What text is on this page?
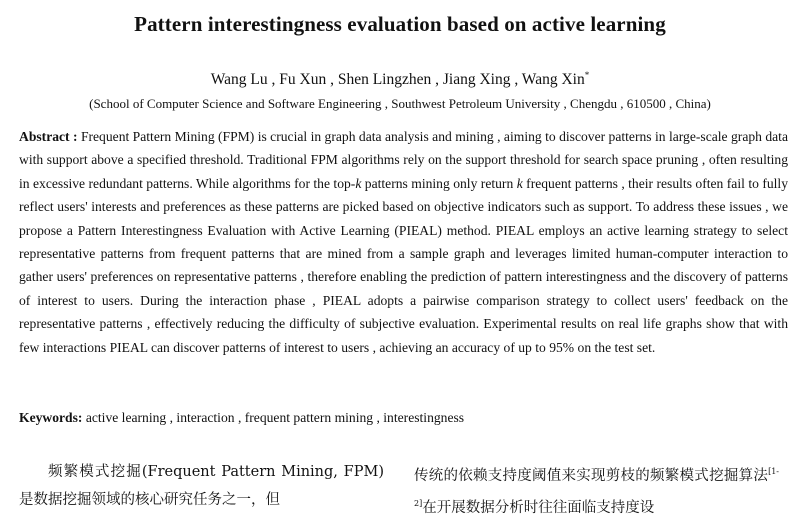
Pattern interestingness evaluation based on active learning
Wang Lu , Fu Xun , Shen Lingzhen , Jiang Xing , Wang Xin*
(School of Computer Science and Software Engineering , Southwest Petroleum University , Chengdu , 610500 , China)

Abstract : Frequent Pattern Mining (FPM) is crucial in graph data analysis and mining , aiming to discover patterns in large-scale graph data with support above a specified threshold. Traditional FPM algorithms rely on the support threshold for search space pruning , often resulting in excessive redundant patterns. While algorithms for the top-k patterns mining only return k frequent patterns , their results often fail to fully reflect users' interests and preferences as these patterns are picked based on objective indicators such as support. To address these issues , we propose a Pattern Interestingness Evaluation with Active Learning (PIEAL) method. PIEAL employs an active learning strategy to select representative patterns from frequent patterns that are mined from a sample graph and leverages limited human-computer interaction to gather users' preferences on representative patterns , therefore enabling the prediction of pattern interestingness and the discovery of patterns of interest to users. During the interaction phase , PIEAL adopts a pairwise comparison strategy to collect users' feedback on the representative patterns , effectively reducing the difficulty of subjective evaluation. Experimental results on real life graphs show that with few interactions PIEAL can discover patterns of interest to users , achieving an accuracy of up to 95% on the test set.

Keywords: active learning , interaction , frequent pattern mining , interestingness

频繁模式挖掘(Frequent Pattern Mining, FPM)是数据挖掘领域的核心研究任务之一，但

传统的依赖支持度阈值来实现剪枝的频繁模式挖掘算法[1-2]在开展数据分析时往往面临支持度设
